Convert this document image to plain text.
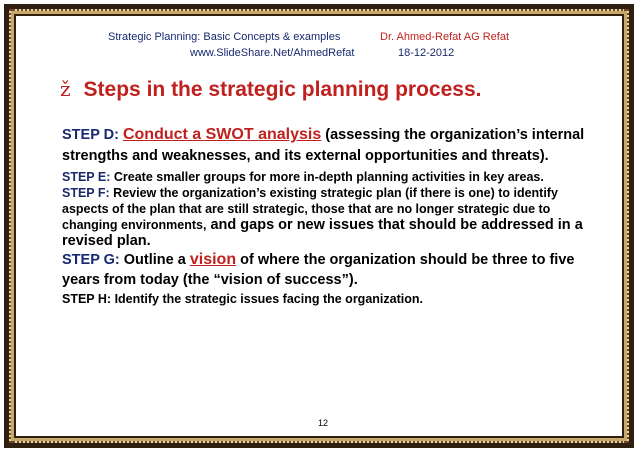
Strategic Planning: Basic Concepts & examples
www.SlideShare.Net/AhmedRefat
Dr. Ahmed-Refat AG Refat
18-12-2012
ž Steps in the strategic planning process.

STEP D: Conduct a SWOT analysis (assessing the organization’s internal strengths and weaknesses, and its external opportunities and threats).

STEP E: Create smaller groups for more in-depth planning activities in key areas.

STEP F: Review the organization’s existing strategic plan (if there is one) to identify aspects of the plan that are still strategic, those that are no longer strategic due to changing environments, and gaps or new issues that should be addressed in a revised plan.

STEP G: Outline a vision of where the organization should be three to five years from today (the “vision of success”).

STEP H: Identify the strategic issues facing the organization.

12
